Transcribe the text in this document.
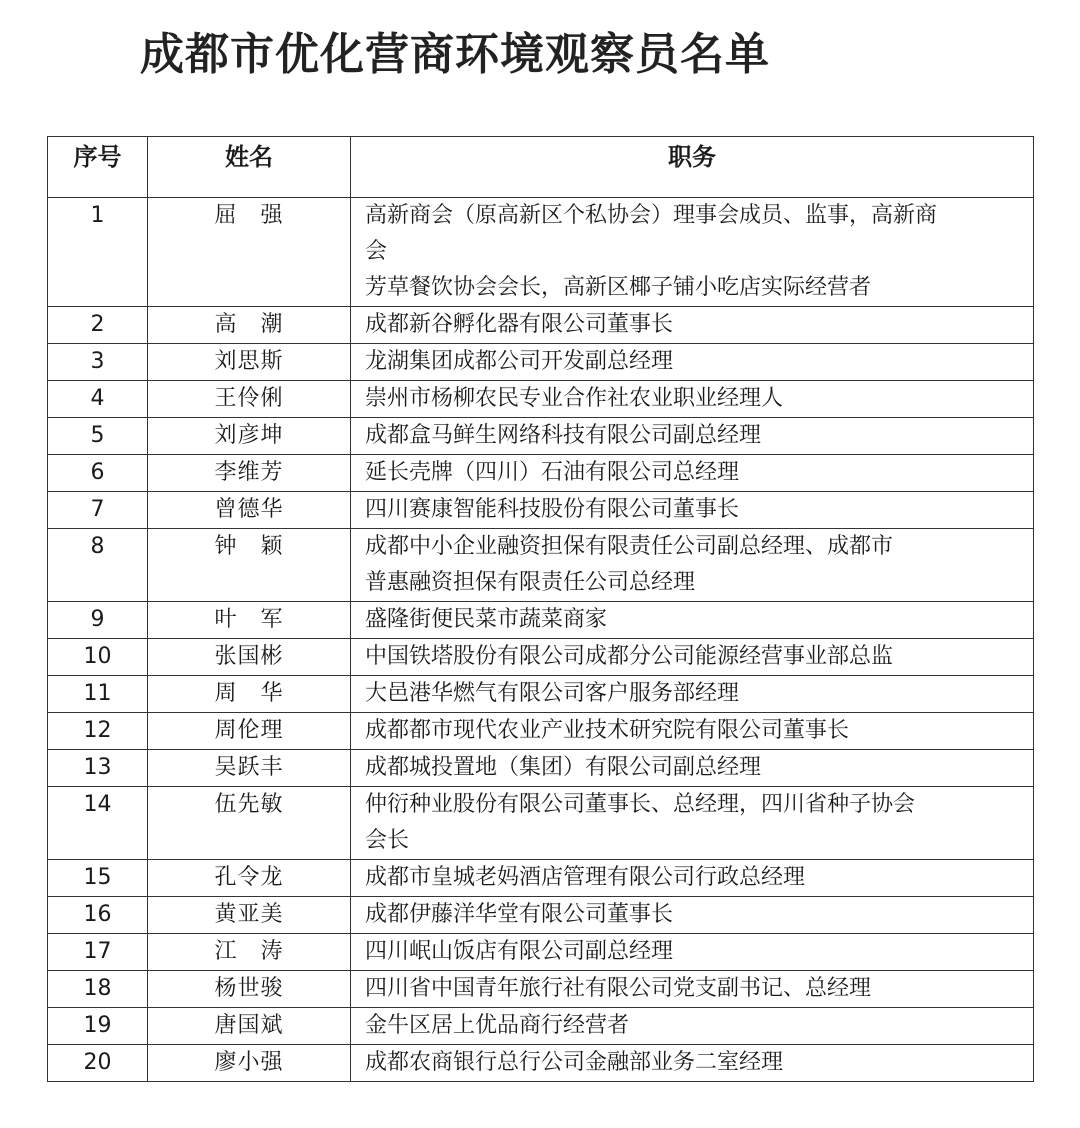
成都市优化营商环境观察员名单
序号	姓名	职务
1	屈　强	高新商会（原高新区个私协会）理事会成员、监事，高新商
会
芳草餐饮协会会长，高新区椰子铺小吃店实际经营者

2	高　潮	成都新谷孵化器有限公司董事长

3	刘思斯	龙湖集团成都公司开发副总经理

4	王伶俐	崇州市杨柳农民专业合作社农业职业经理人

5	刘彦坤	成都盒马鲜生网络科技有限公司副总经理

6	李维芳	延长壳牌（四川）石油有限公司总经理

7	曾德华	四川赛康智能科技股份有限公司董事长

8	钟　颖	成都中小企业融资担保有限责任公司副总经理、成都市
普惠融资担保有限责任公司总经理

9	叶　军	盛隆街便民菜市蔬菜商家

10	张国彬	中国铁塔股份有限公司成都分公司能源经营事业部总监

11	周　华	大邑港华燃气有限公司客户服务部经理

12	周伦理	成都都市现代农业产业技术研究院有限公司董事长

13	吴跃丰	成都城投置地（集团）有限公司副总经理

14	伍先敏	仲衍种业股份有限公司董事长、总经理，四川省种子协会
会长

15	孔令龙	成都市皇城老妈酒店管理有限公司行政总经理

16	黄亚美	成都伊藤洋华堂有限公司董事长

17	江　涛	四川岷山饭店有限公司副总经理

18	杨世骏	四川省中国青年旅行社有限公司党支副书记、总经理

19	唐国斌	金牛区居上优品商行经营者

20	廖小强	成都农商银行总行公司金融部业务二室经理
